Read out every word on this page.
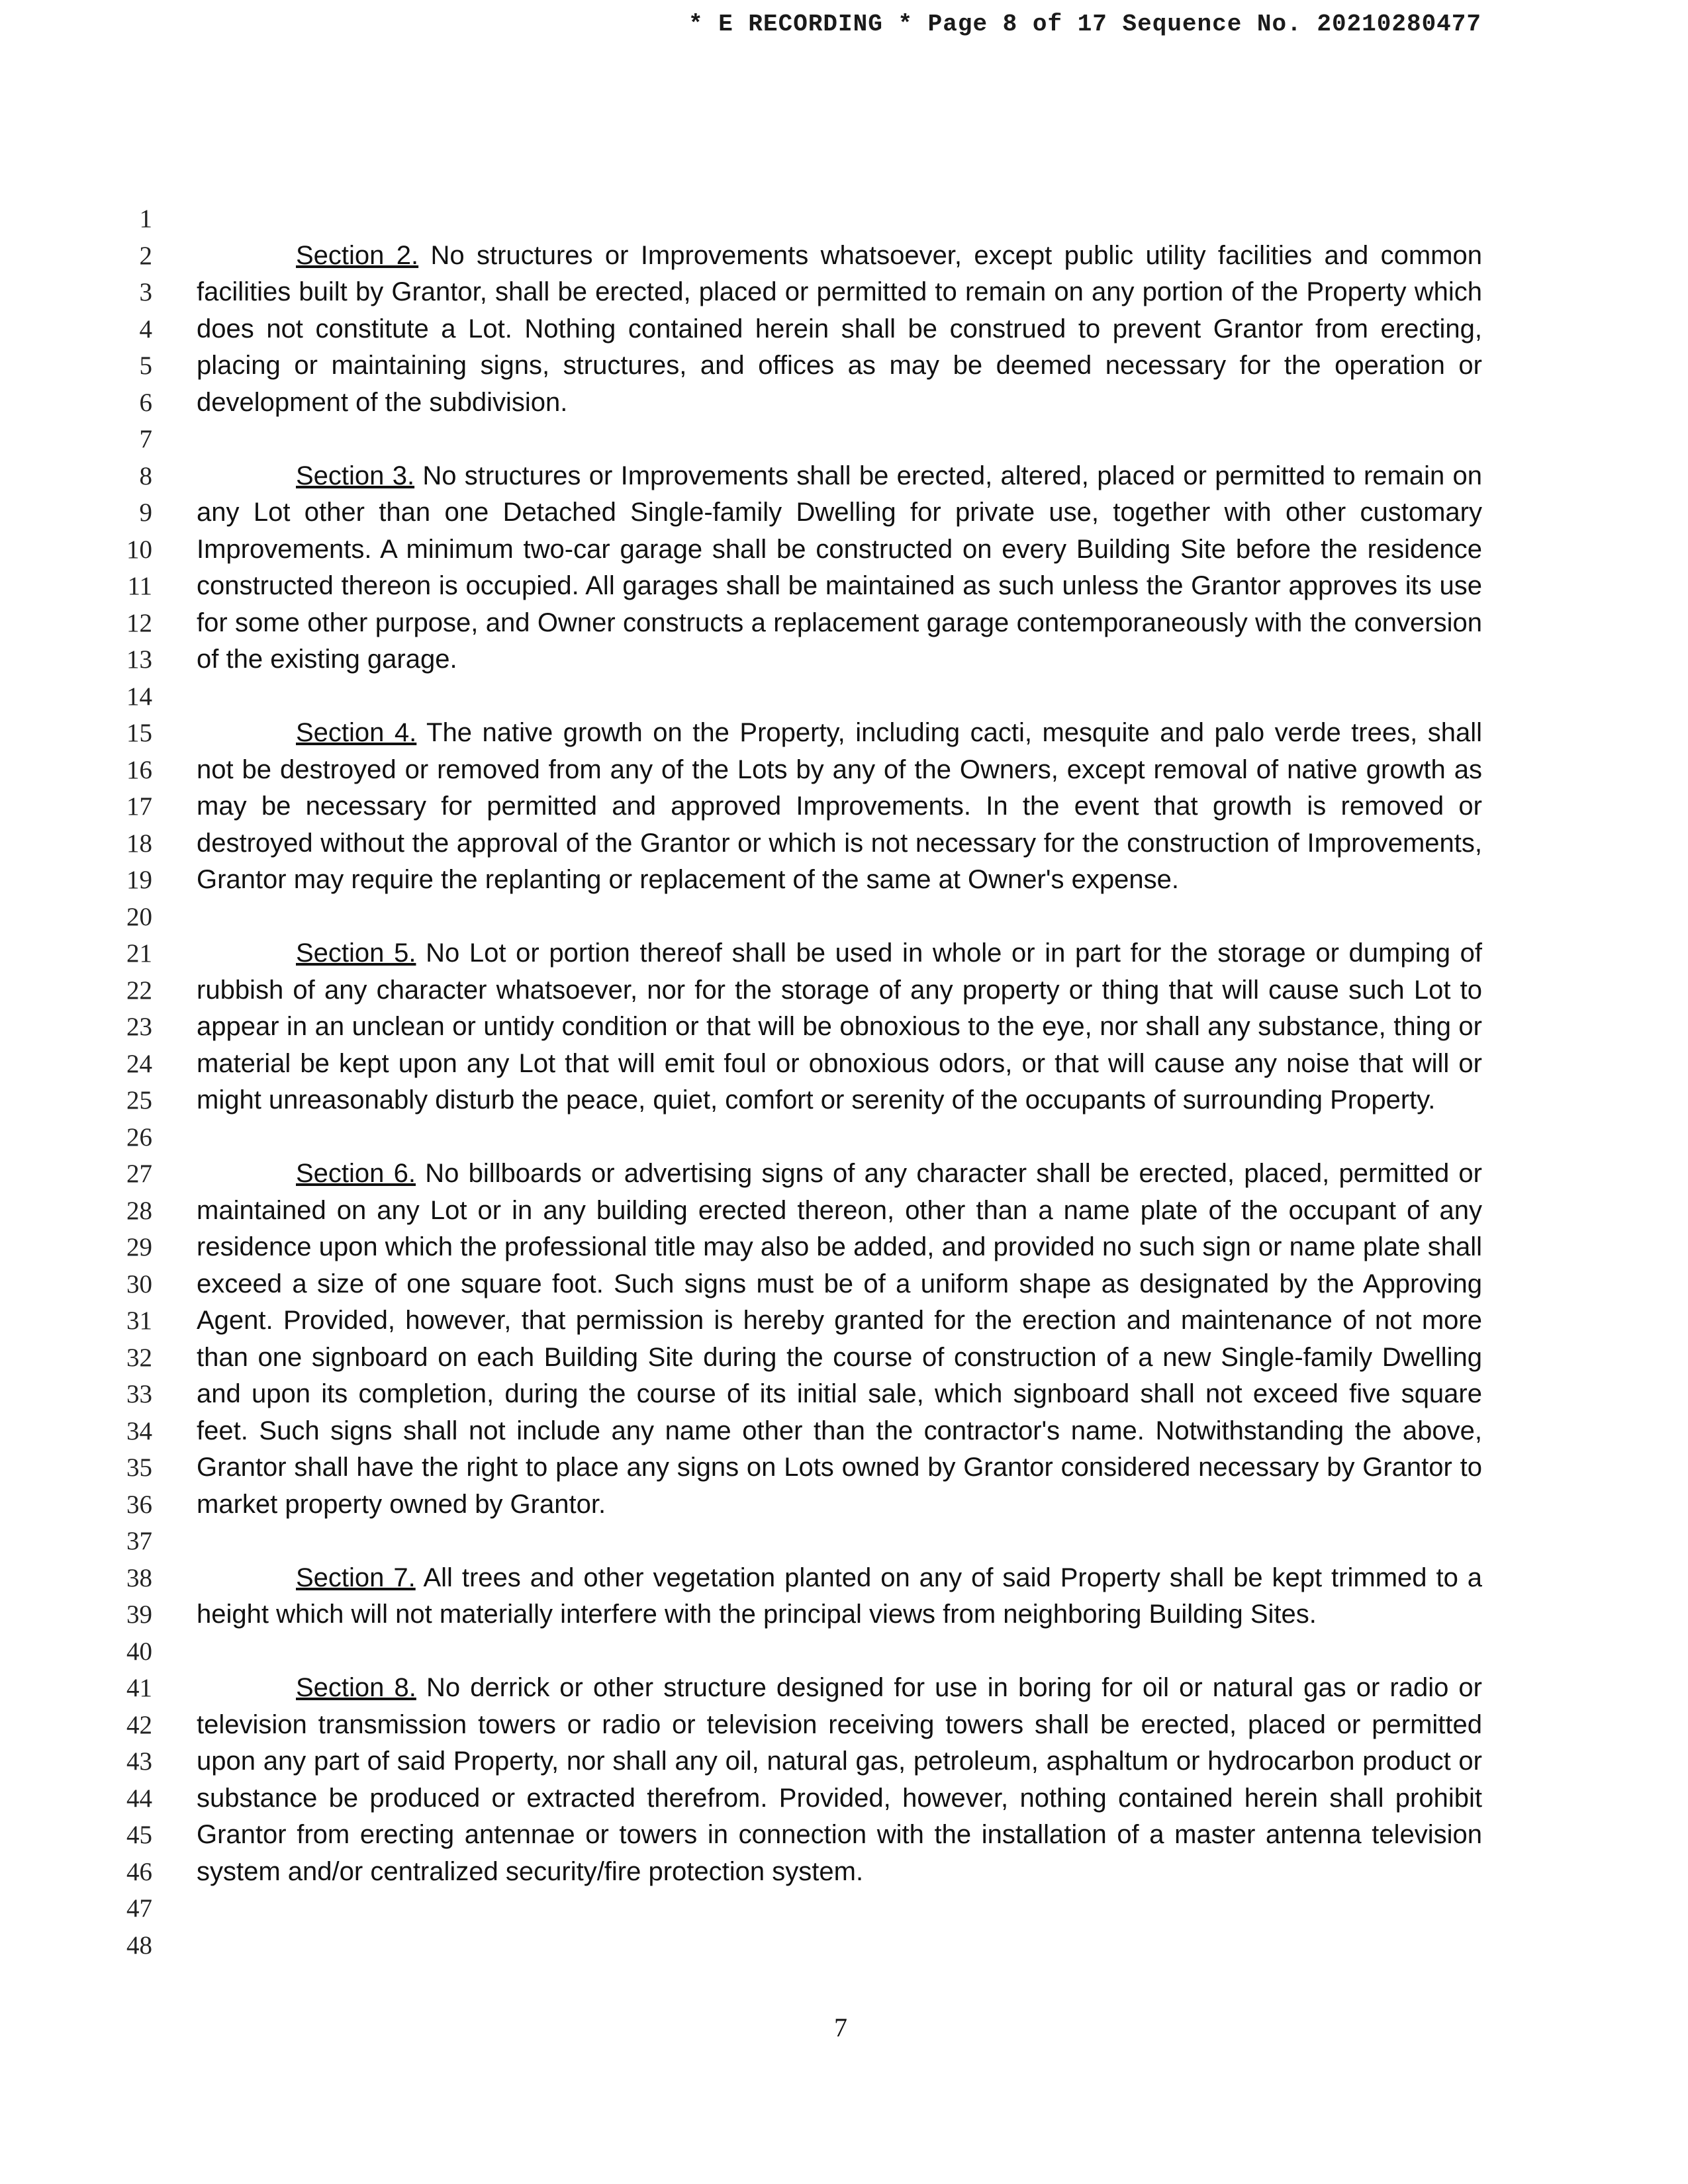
* E RECORDING * Page 8 of 17 Sequence No. 20210280477
1
2
3
4
5
6
7
8
9
10
11
12
13
14
15
16
17
18
19
20
21
22
23
24
25
26
27
28
29
30
31
32
33
34
35
36
37
38
39
40
41
42
43
44
45
46
47
48

Section 2. No structures or Improvements whatsoever, except public utility facilities and common facilities built by Grantor, shall be erected, placed or permitted to remain on any portion of the Property which does not constitute a Lot. Nothing contained herein shall be construed to prevent Grantor from erecting, placing or maintaining signs, structures, and offices as may be deemed necessary for the operation or development of the subdivision.

Section 3. No structures or Improvements shall be erected, altered, placed or permitted to remain on any Lot other than one Detached Single-family Dwelling for private use, together with other customary Improvements. A minimum two-car garage shall be constructed on every Building Site before the residence constructed thereon is occupied. All garages shall be maintained as such unless the Grantor approves its use for some other purpose, and Owner constructs a replacement garage contemporaneously with the conversion of the existing garage.

Section 4. The native growth on the Property, including cacti, mesquite and palo verde trees, shall not be destroyed or removed from any of the Lots by any of the Owners, except removal of native growth as may be necessary for permitted and approved Improvements. In the event that growth is removed or destroyed without the approval of the Grantor or which is not necessary for the construction of Improvements, Grantor may require the replanting or replacement of the same at Owner's expense.

Section 5. No Lot or portion thereof shall be used in whole or in part for the storage or dumping of rubbish of any character whatsoever, nor for the storage of any property or thing that will cause such Lot to appear in an unclean or untidy condition or that will be obnoxious to the eye, nor shall any substance, thing or material be kept upon any Lot that will emit foul or obnoxious odors, or that will cause any noise that will or might unreasonably disturb the peace, quiet, comfort or serenity of the occupants of surrounding Property.

Section 6. No billboards or advertising signs of any character shall be erected, placed, permitted or maintained on any Lot or in any building erected thereon, other than a name plate of the occupant of any residence upon which the professional title may also be added, and provided no such sign or name plate shall exceed a size of one square foot. Such signs must be of a uniform shape as designated by the Approving Agent. Provided, however, that permission is hereby granted for the erection and maintenance of not more than one signboard on each Building Site during the course of construction of a new Single-family Dwelling and upon its completion, during the course of its initial sale, which signboard shall not exceed five square feet. Such signs shall not include any name other than the contractor's name. Notwithstanding the above, Grantor shall have the right to place any signs on Lots owned by Grantor considered necessary by Grantor to market property owned by Grantor.

Section 7. All trees and other vegetation planted on any of said Property shall be kept trimmed to a height which will not materially interfere with the principal views from neighboring Building Sites.

Section 8. No derrick or other structure designed for use in boring for oil or natural gas or radio or television transmission towers or radio or television receiving towers shall be erected, placed or permitted upon any part of said Property, nor shall any oil, natural gas, petroleum, asphaltum or hydrocarbon product or substance be produced or extracted therefrom. Provided, however, nothing contained herein shall prohibit Grantor from erecting antennae or towers in connection with the installation of a master antenna television system and/or centralized security/fire protection system.

7
